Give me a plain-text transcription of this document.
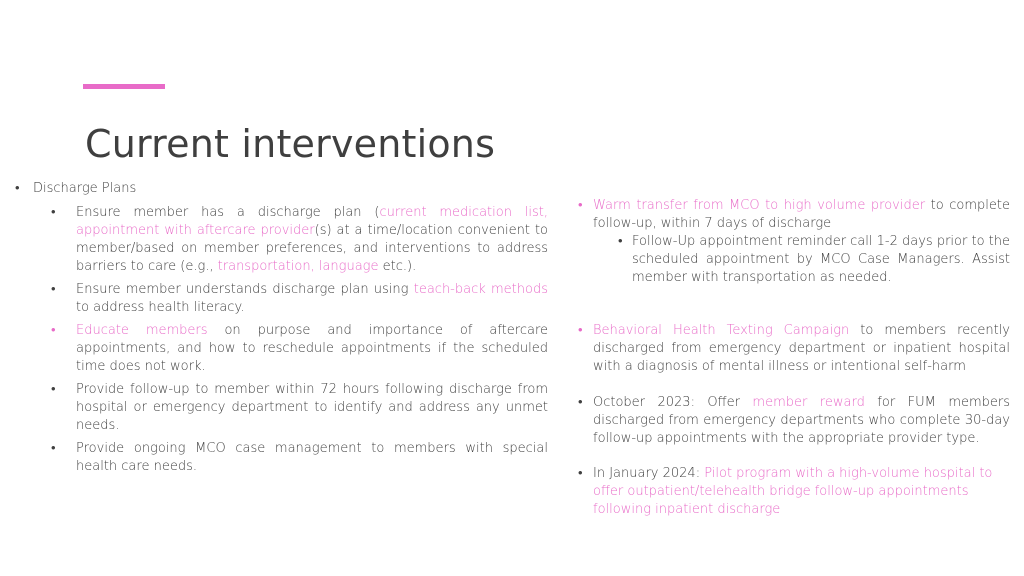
Current interventions
• Discharge Plans
• Ensure member has a discharge plan (current medication list, appointment with aftercare provider(s) at a time/location convenient to member/based on member preferences, and interventions to address barriers to care (e.g., transportation, language etc.).
• Ensure member understands discharge plan using teach-back methods to address health literacy.
• Educate members on purpose and importance of aftercare appointments, and how to reschedule appointments if the scheduled time does not work.
• Provide follow-up to member within 72 hours following discharge from hospital or emergency department to identify and address any unmet needs.
• Provide ongoing MCO case management to members with special health care needs.
• Warm transfer from MCO to high volume provider to complete follow-up, within 7 days of discharge
• Follow-Up appointment reminder call 1-2 days prior to the scheduled appointment by MCO Case Managers. Assist member with transportation as needed.
• Behavioral Health Texting Campaign to members recently discharged from emergency department or inpatient hospital with a diagnosis of mental illness or intentional self-harm
• October 2023: Offer member reward for FUM members discharged from emergency departments who complete 30-day follow-up appointments with the appropriate provider type.
• In January 2024: Pilot program with a high-volume hospital to offer outpatient/telehealth bridge follow-up appointments following inpatient discharge
